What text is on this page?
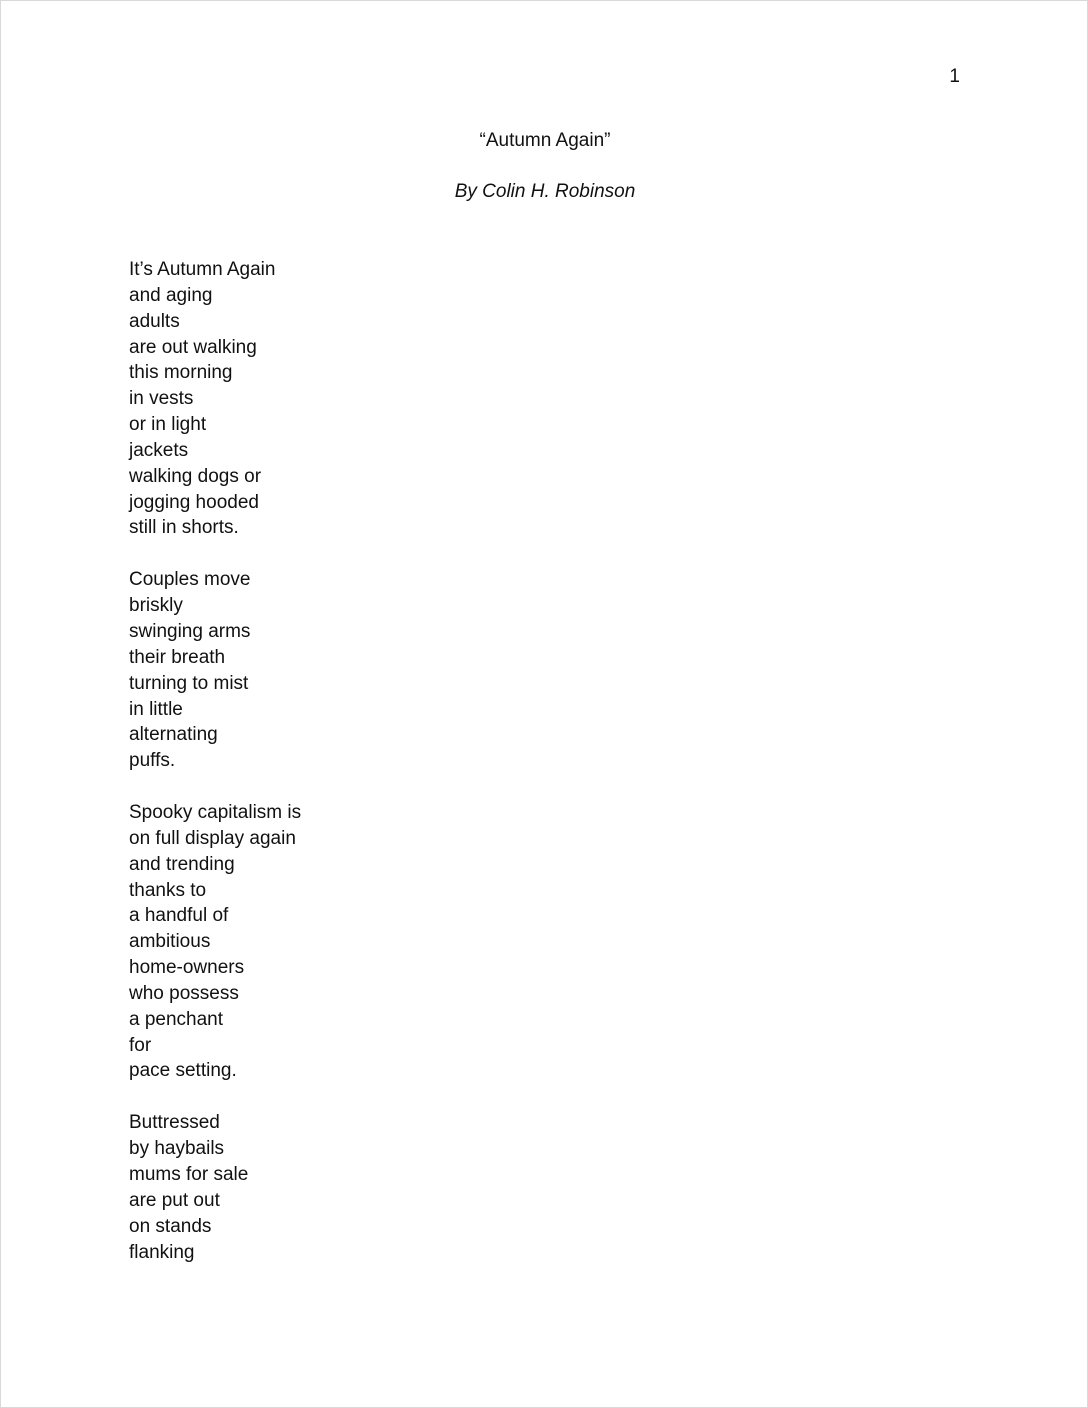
1
“Autumn Again”
By Colin H. Robinson
It’s Autumn Again
and aging
adults
are out walking
this morning
in vests
or in light
jackets
walking dogs or
jogging hooded
still in shorts.
Couples move
briskly
swinging arms
their breath
turning to mist
in little
alternating
puffs.
Spooky capitalism is
on full display again
and trending
thanks to
a handful of
ambitious
home-owners
who possess
a penchant
for
pace setting.
Buttressed
by haybails
mums for sale
are put out
on stands
flanking
